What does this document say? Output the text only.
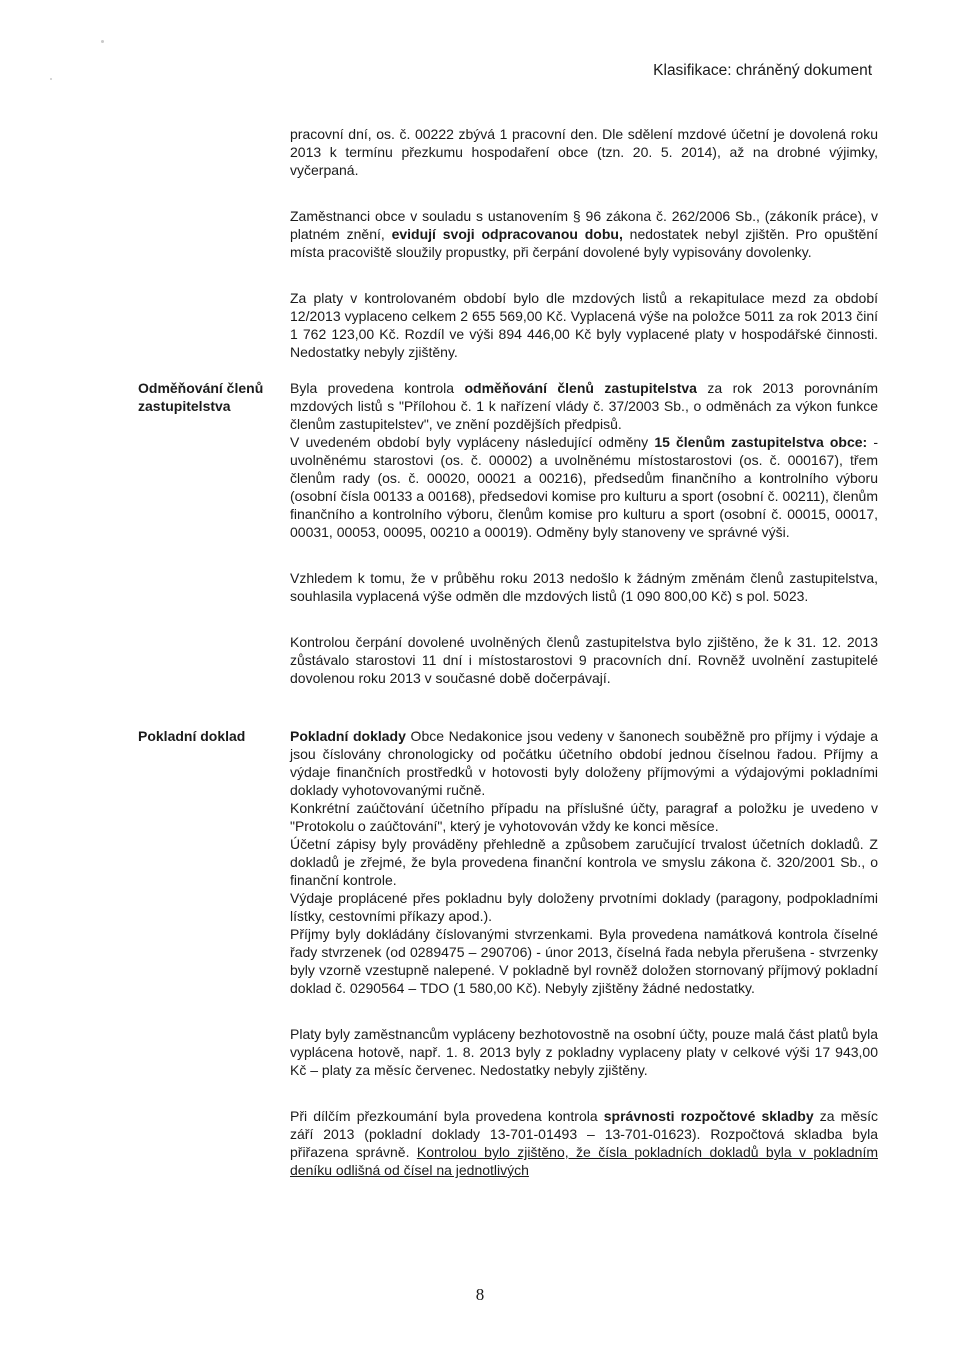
Klasifikace: chráněný dokument

pracovní dní, os. č. 00222 zbývá 1 pracovní den. Dle sdělení mzdové účetní je dovolená roku 2013 k termínu přezkumu hospodaření obce (tzn. 20. 5. 2014), až na drobné výjimky, vyčerpaná.

Zaměstnanci obce v souladu s ustanovením § 96 zákona č. 262/2006 Sb., (zákoník práce), v platném znění, evidují svoji odpracovanou dobu, nedostatek nebyl zjištěn. Pro opuštění místa pracoviště sloužily propustky, při čerpání dovolené byly vypisovány dovolenky.

Za platy v kontrolovaném období bylo dle mzdových listů a rekapitulace mezd za období 12/2013 vyplaceno celkem 2 655 569,00 Kč. Vyplacená výše na položce 5011 za rok 2013 činí 1 762 123,00 Kč. Rozdíl ve výši 894 446,00 Kč byly vyplacené platy v hospodářské činnosti. Nedostatky nebyly zjištěny.

Odměňování členů zastupitelstva

Byla provedena kontrola odměňování členů zastupitelstva za rok 2013 porovnáním mzdových listů s "Přílohou č. 1 k nařízení vlády č. 37/2003 Sb., o odměnách za výkon funkce členům zastupitelstev", ve znění pozdějších předpisů.

V uvedeném období byly vypláceny následující odměny 15 členům zastupitelstva obce: - uvolněnému starostovi (os. č. 00002) a uvolněnému místostarostovi (os. č. 000167), třem členům rady (os. č. 00020, 00021 a 00216), předsedům finančního a kontrolního výboru (osobní čísla 00133 a 00168), předsedovi komise pro kulturu a sport (osobní č. 00211), členům finančního a kontrolního výboru, členům komise pro kulturu a sport (osobní č. 00015, 00017, 00031, 00053, 00095, 00210 a 00019). Odměny byly stanoveny ve správné výši.

Vzhledem k tomu, že v průběhu roku 2013 nedošlo k žádným změnám členů zastupitelstva, souhlasila vyplacená výše odměn dle mzdových listů (1 090 800,00 Kč) s pol. 5023.

Kontrolou čerpání dovolené uvolněných členů zastupitelstva bylo zjištěno, že k 31. 12. 2013 zůstávalo starostovi 11 dní i místostarostovi 9 pracovních dní. Rovněž uvolnění zastupitelé dovolenou roku 2013 v současné době dočerpávají.

Pokladní doklad	Pokladní doklady Obce Nedakonice jsou vedeny v šanonech souběžně pro příjmy i výdaje a jsou číslovány chronologicky od počátku účetního období jednou číselnou řadou. Příjmy a výdaje finančních prostředků v hotovosti byly doloženy příjmovými a výdajovými pokladními doklady vyhotovovanými ručně.

Konkrétní zaúčtování účetního případu na příslušné účty, paragraf a položku je uvedeno v "Protokolu o zaúčtování", který je vyhotovován vždy ke konci měsíce.

Účetní zápisy byly prováděny přehledně a způsobem zaručující trvalost účetních dokladů. Z dokladů je zřejmé, že byla provedena finanční kontrola ve smyslu zákona č. 320/2001 Sb., o finanční kontrole.

Výdaje proplácené přes pokladnu byly doloženy prvotními doklady (paragony, podpokladními lístky, cestovními příkazy apod.).

Příjmy byly dokládány číslovanými stvrzenkami. Byla provedena namátková kontrola číselné řady stvrzenek (od 0289475 – 290706) - únor 2013, číselná řada nebyla přerušena - stvrzenky byly vzorně vzestupně nalepené. V pokladně byl rovněž doložen stornovaný příjmový pokladní doklad č. 0290564 – TDO (1 580,00 Kč). Nebyly zjištěny žádné nedostatky.

Platy byly zaměstnancům vypláceny bezhotovostně na osobní účty, pouze malá část platů byla vyplácena hotově, např. 1. 8. 2013 byly z pokladny vyplaceny platy v celkové výši 17 943,00 Kč – platy za měsíc červenec. Nedostatky nebyly zjištěny.

Při dílčím přezkoumání byla provedena kontrola správnosti rozpočtové skladby za měsíc září 2013 (pokladní doklady 13-701-01493 – 13-701-01623). Rozpočtová skladba byla přiřazena správně. Kontrolou bylo zjištěno, že čísla pokladních dokladů byla v pokladním deníku odlišná od čísel na jednotlivých

8
